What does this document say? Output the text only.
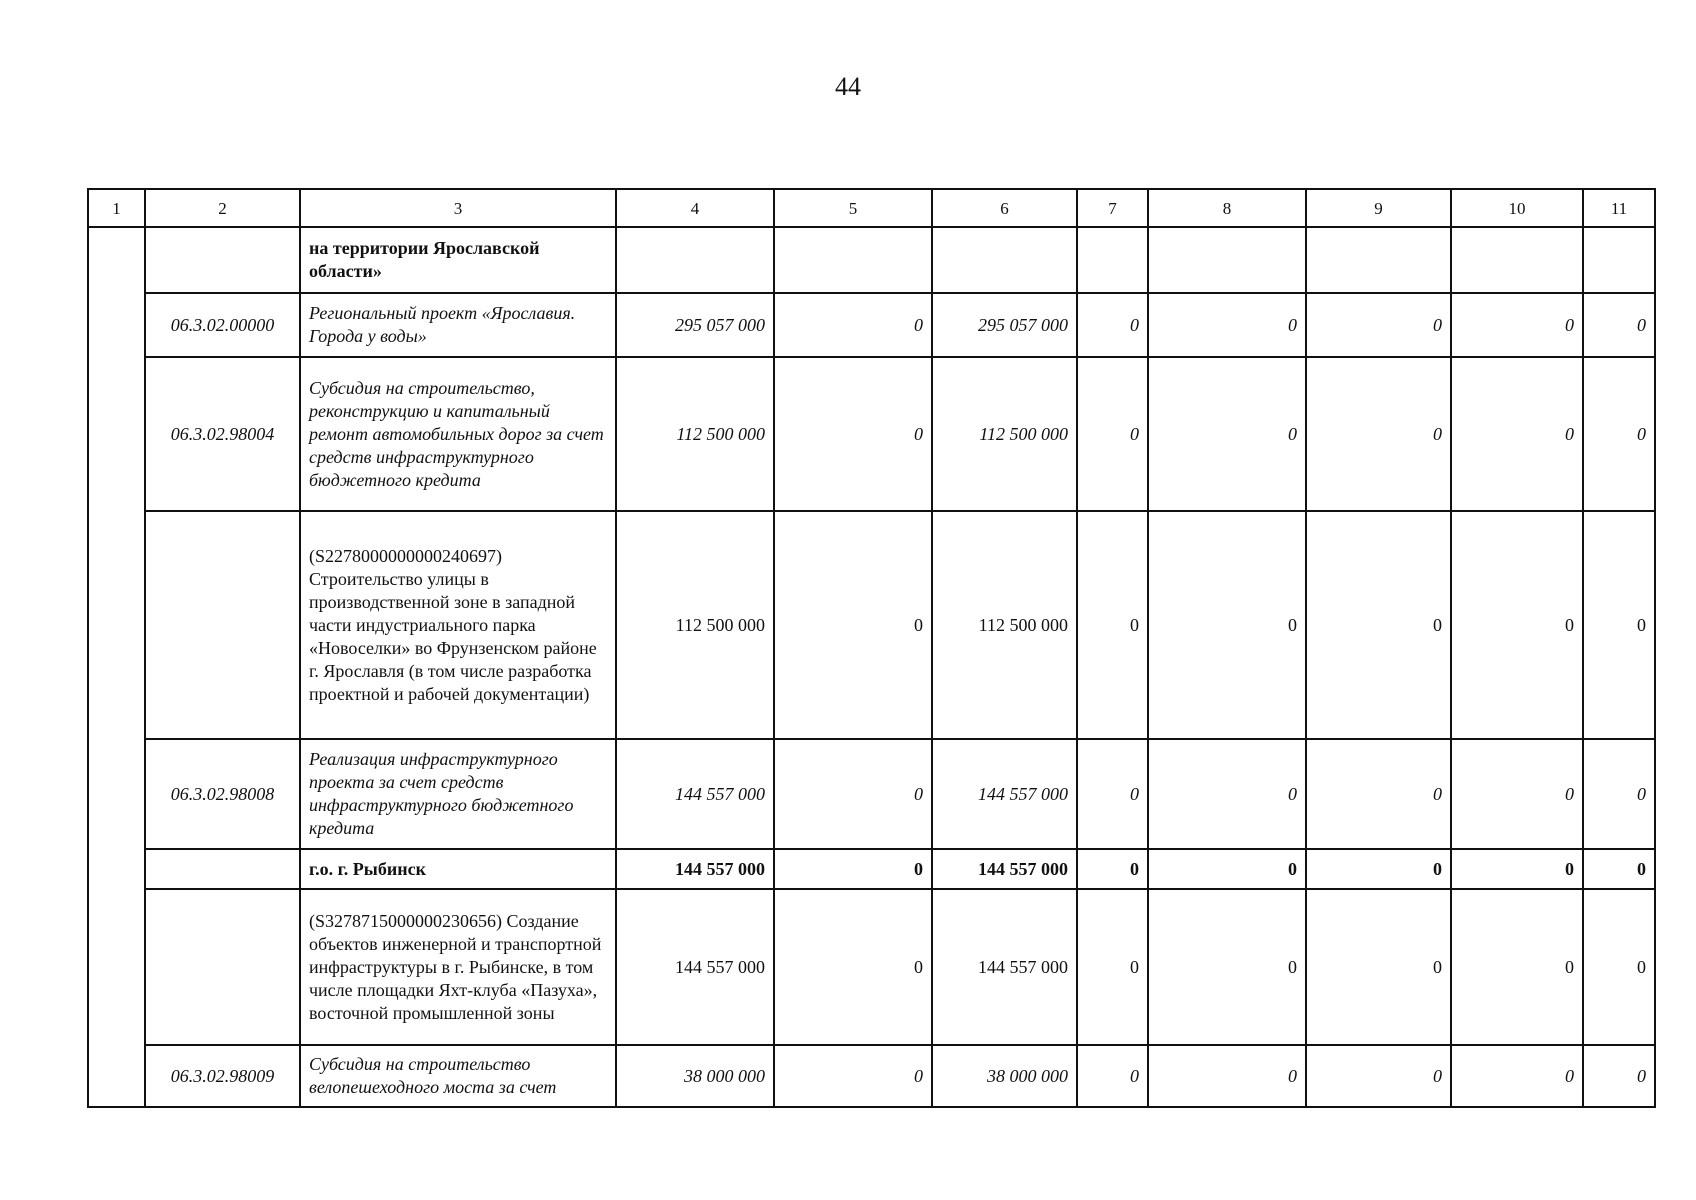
44
1	2	3	4	5	6	7	8	9	10	11
		на территории Ярославской области»								
	06.3.02.00000	Региональный проект «Ярославия. Города у воды»	295 057 000	0	295 057 000	0	0	0	0	0
	06.3.02.98004	Субсидия на строительство, реконструкцию и капитальный ремонт автомобильных дорог за счет средств инфраструктурного бюджетного кредита	112 500 000	0	112 500 000	0	0	0	0	0
		(S2278000000000240697) Строительство улицы в производственной зоне в западной части индустриального парка «Новоселки» во Фрунзенском районе г. Ярославля (в том числе разработка проектной и рабочей документации)	112 500 000	0	112 500 000	0	0	0	0	0
	06.3.02.98008	Реализация инфраструктурного проекта за счет средств инфраструктурного бюджетного кредита	144 557 000	0	144 557 000	0	0	0	0	0
		г.о. г. Рыбинск	144 557 000	0	144 557 000	0	0	0	0	0
		(S3278715000000230656) Создание объектов инженерной и транспортной инфраструктуры в г. Рыбинске, в том числе площадки Яхт-клуба «Пазуха», восточной промышленной зоны	144 557 000	0	144 557 000	0	0	0	0	0
	06.3.02.98009	Субсидия на строительство велопешеходного моста за счет	38 000 000	0	38 000 000	0	0	0	0	0
